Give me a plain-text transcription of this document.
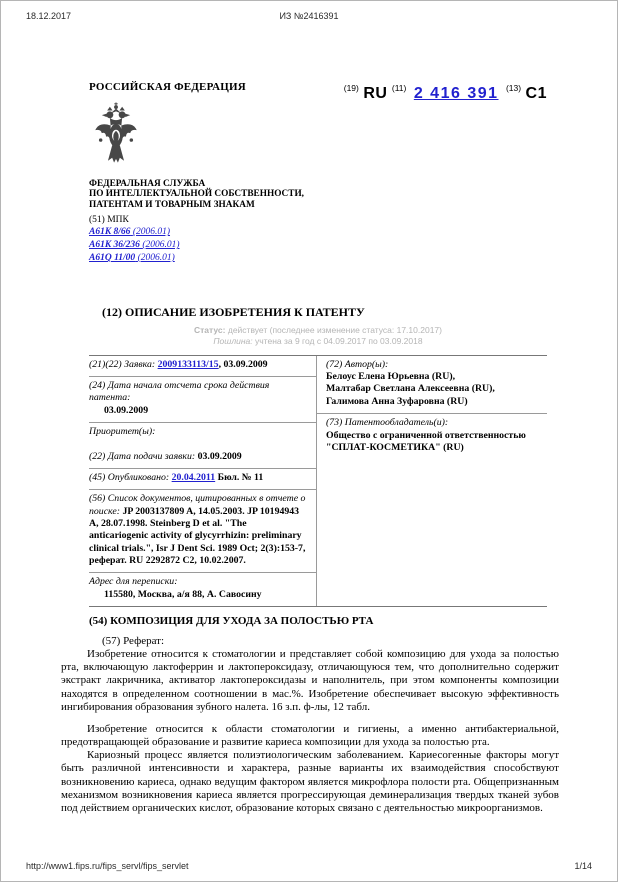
18.12.2017	ИЗ №2416391
РОССИЙСКАЯ ФЕДЕРАЦИЯ
ФЕДЕРАЛЬНАЯ СЛУЖБА
ПО ИНТЕЛЛЕКТУАЛЬНОЙ СОБСТВЕННОСТИ,
ПАТЕНТАМ И ТОВАРНЫМ ЗНАКАМ
(51) МПК
A61K 8/66 (2006.01)
A61K 36/236 (2006.01)
A61Q 11/00 (2006.01)
$^{(19)}$ RU $^{(11)}$ 2 416 391 $^{(13)}$ C1
(12) ОПИСАНИЕ ИЗОБРЕТЕНИЯ К ПАТЕНТУ
Статус: действует (последнее изменение статуса: 17.10.2017)
Пошлина: учтена за 9 год с 04.09.2017 по 03.09.2018
(21)(22) Заявка: 2009133113/15, 03.09.2009
(24) Дата начала отсчета срока действия патента:
03.09.2009
Приоритет(ы):
(22) Дата подачи заявки: 03.09.2009
(45) Опубликовано: 20.04.2011 Бюл. № 11
(56) Список документов, цитированных в отчете о поиске: JP 2003137809 A, 14.05.2003. JP 10194943 A, 28.07.1998. Steinberg D et al. "The anticariogenic activity of glycyrrhizin: preliminary clinical trials.", Isr J Dent Sci. 1989 Oct; 2(3):153-7, реферат. RU 2292872 C2, 10.02.2007.
Адрес для переписки:
115580, Москва, а/я 88, А. Савосину
(72) Автор(ы):
Белоус Елена Юрьевна (RU),
Малтабар Светлана Алексеевна (RU),
Галимова Анна Зуфаровна (RU)
(73) Патентообладатель(и):
Общество с ограниченной ответственностью "СПЛАТ-КОСМЕТИКА" (RU)
(54) КОМПОЗИЦИЯ ДЛЯ УХОДА ЗА ПОЛОСТЬЮ РТА
(57) Реферат:

Изобретение относится к стоматологии и представляет собой композицию для ухода за полостью рта, включающую лактоферрин и лактопероксидазу, отличающуюся тем, что дополнительно содержит экстракт лакричника, активатор лактопероксидазы и наполнитель, при этом компоненты композиции находятся в определенном соотношении в мас.%. Изобретение обеспечивает высокую эффективность ингибирования образования зубного налета. 16 з.п. ф-лы, 12 табл.

Изобретение относится к области стоматологии и гигиены, а именно антибактериальной, предотвращающей образование и развитие кариеса композиции для ухода за полостью рта.

Кариозный процесс является полиэтиологическим заболеванием. Кариесогенные факторы могут быть различной интенсивности и характера, разные варианты их взаимодействия способствуют возникновению кариеса, однако ведущим фактором является микрофлора полости рта. Общепризнанным механизмом возникновения кариеса является прогрессирующая деминерализация твердых тканей зубов под действием органических кислот, образование которых связано с деятельностью микроорганизмов.

http://www1.fips.ru/fips_servl/fips_servlet	1/14
